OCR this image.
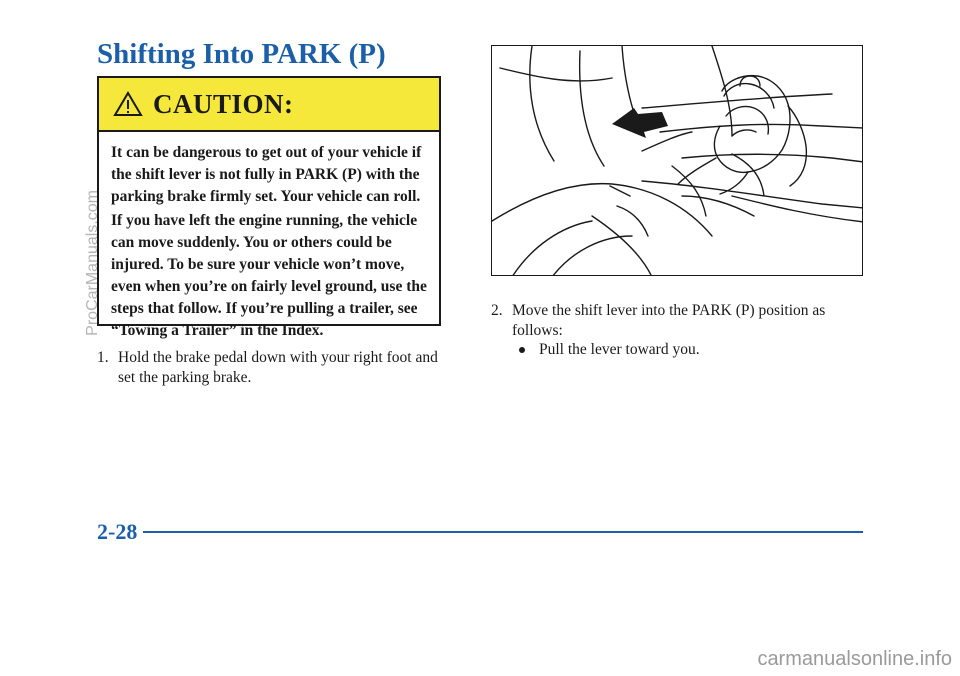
Shifting Into PARK (P)
CAUTION:

It can be dangerous to get out of your vehicle if the shift lever is not fully in PARK (P) with the parking brake firmly set. Your vehicle can roll.

If you have left the engine running, the vehicle can move suddenly. You or others could be injured. To be sure your vehicle won’t move, even when you’re on fairly level ground, use the steps that follow. If you’re pulling a trailer, see “Towing a Trailer” in the Index.

1. Hold the brake pedal down with your right foot and set the parking brake.
2. Move the shift lever into the PARK (P) position as follows:
Pull the lever toward you.
2-28
ProCarManuals.com
carmanualsonline.info
